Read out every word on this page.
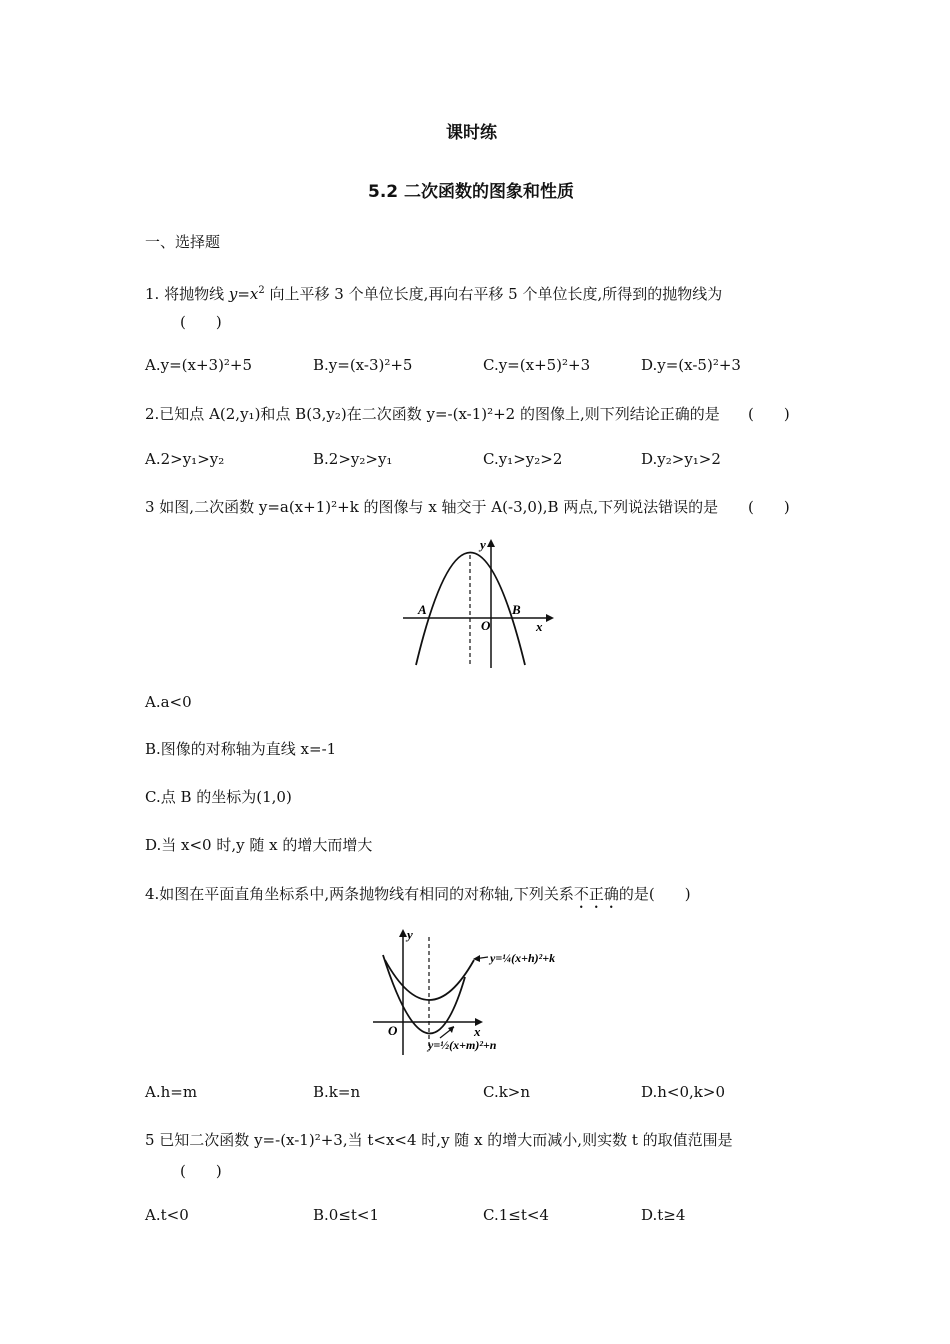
课时练
5.2 二次函数的图象和性质
一、选择题
1. 将抛物线 $y=x^2$ 向上平移 3 个单位长度,再向右平移 5 个单位长度,所得到的抛物线为
(　　)
A.y=(x+3)²+5	B.y=(x-3)²+5	C.y=(x+5)²+3	D.y=(x-5)²+3
2.已知点 A(2,y₁)和点 B(3,y₂)在二次函数 y=-(x-1)²+2 的图像上,则下列结论正确的是 (　　)
A.2>y₁>y₂	B.2>y₂>y₁	C.y₁>y₂>2	D.y₂>y₁>2
3 如图,二次函数 y=a(x+1)²+k 的图像与 x 轴交于 A(-3,0),B 两点,下列说法错误的是 (　　)
y
x
A	B
O
A.a<0
B.图像的对称轴为直线 x=-1
C.点 B 的坐标为(1,0)
D.当 x<0 时,y 随 x 的增大而增大
4.如图在平面直角坐标系中,两条抛物线有相同的对称轴,下列关系不正确的是(　　)
y
x
O
y=¼(x+h)²+k
y=½(x+m)²+n
A.h=m	B.k=n	C.k>n	D.h<0,k>0
5 已知二次函数 y=-(x-1)²+3,当 t<x<4 时,y 随 x 的增大而减小,则实数 t 的取值范围是
(　　)
A.t<0	B.0≤t<1	C.1≤t<4	D.t≥4
